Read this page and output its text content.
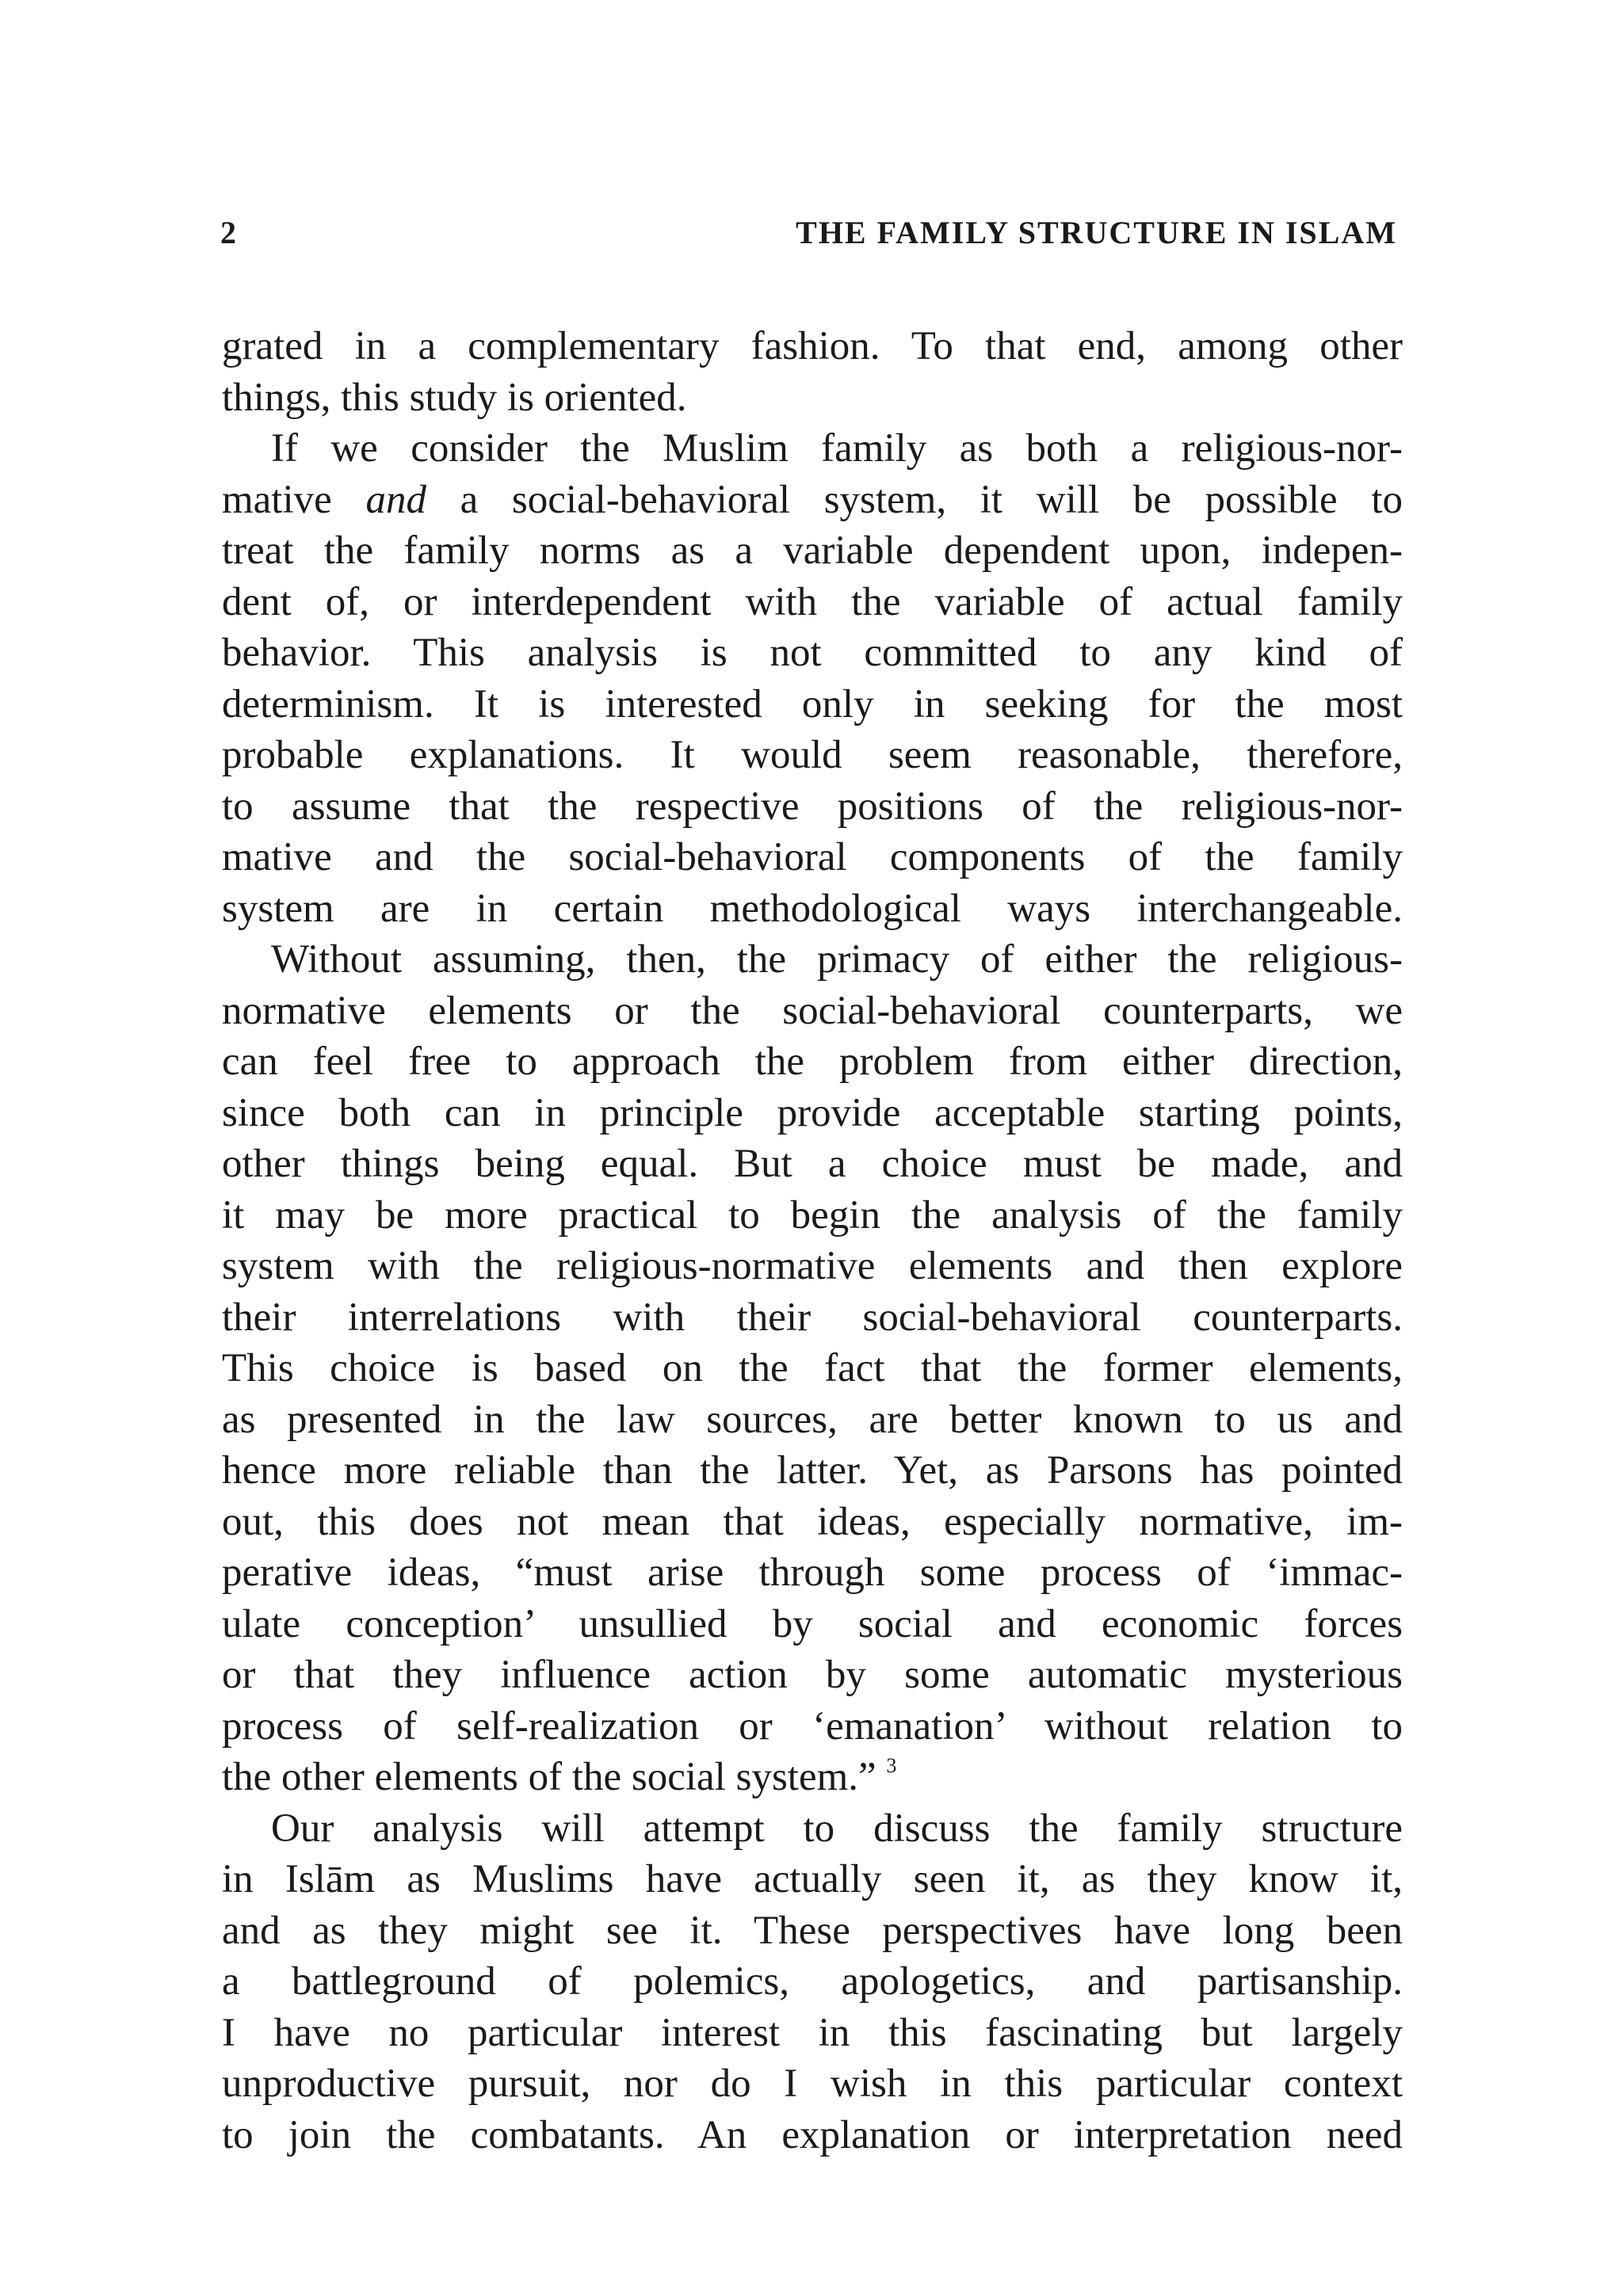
2	THE FAMILY STRUCTURE IN ISLAM
grated in a complementary fashion. To that end, among other
things, this study is oriented.
If we consider the Muslim family as both a religious-nor-
mative and a social-behavioral system, it will be possible to
treat the family norms as a variable dependent upon, indepen-
dent of, or interdependent with the variable of actual family
behavior. This analysis is not committed to any kind of
determinism. It is interested only in seeking for the most
probable explanations. It would seem reasonable, therefore,
to assume that the respective positions of the religious-nor-
mative and the social-behavioral components of the family
system are in certain methodological ways interchangeable.
Without assuming, then, the primacy of either the religious-
normative elements or the social-behavioral counterparts, we
can feel free to approach the problem from either direction,
since both can in principle provide acceptable starting points,
other things being equal. But a choice must be made, and
it may be more practical to begin the analysis of the family
system with the religious-normative elements and then explore
their interrelations with their social-behavioral counterparts.
This choice is based on the fact that the former elements,
as presented in the law sources, are better known to us and
hence more reliable than the latter. Yet, as Parsons has pointed
out, this does not mean that ideas, especially normative, im-
perative ideas, “must arise through some process of ‘immac-
ulate conception’ unsullied by social and economic forces
or that they influence action by some automatic mysterious
process of self-realization or ‘emanation’ without relation to
the other elements of the social system.” $^3$
Our analysis will attempt to discuss the family structure
in Islām as Muslims have actually seen it, as they know it,
and as they might see it. These perspectives have long been
a battleground of polemics, apologetics, and partisanship.
I have no particular interest in this fascinating but largely
unproductive pursuit, nor do I wish in this particular context
to join the combatants. An explanation or interpretation need
